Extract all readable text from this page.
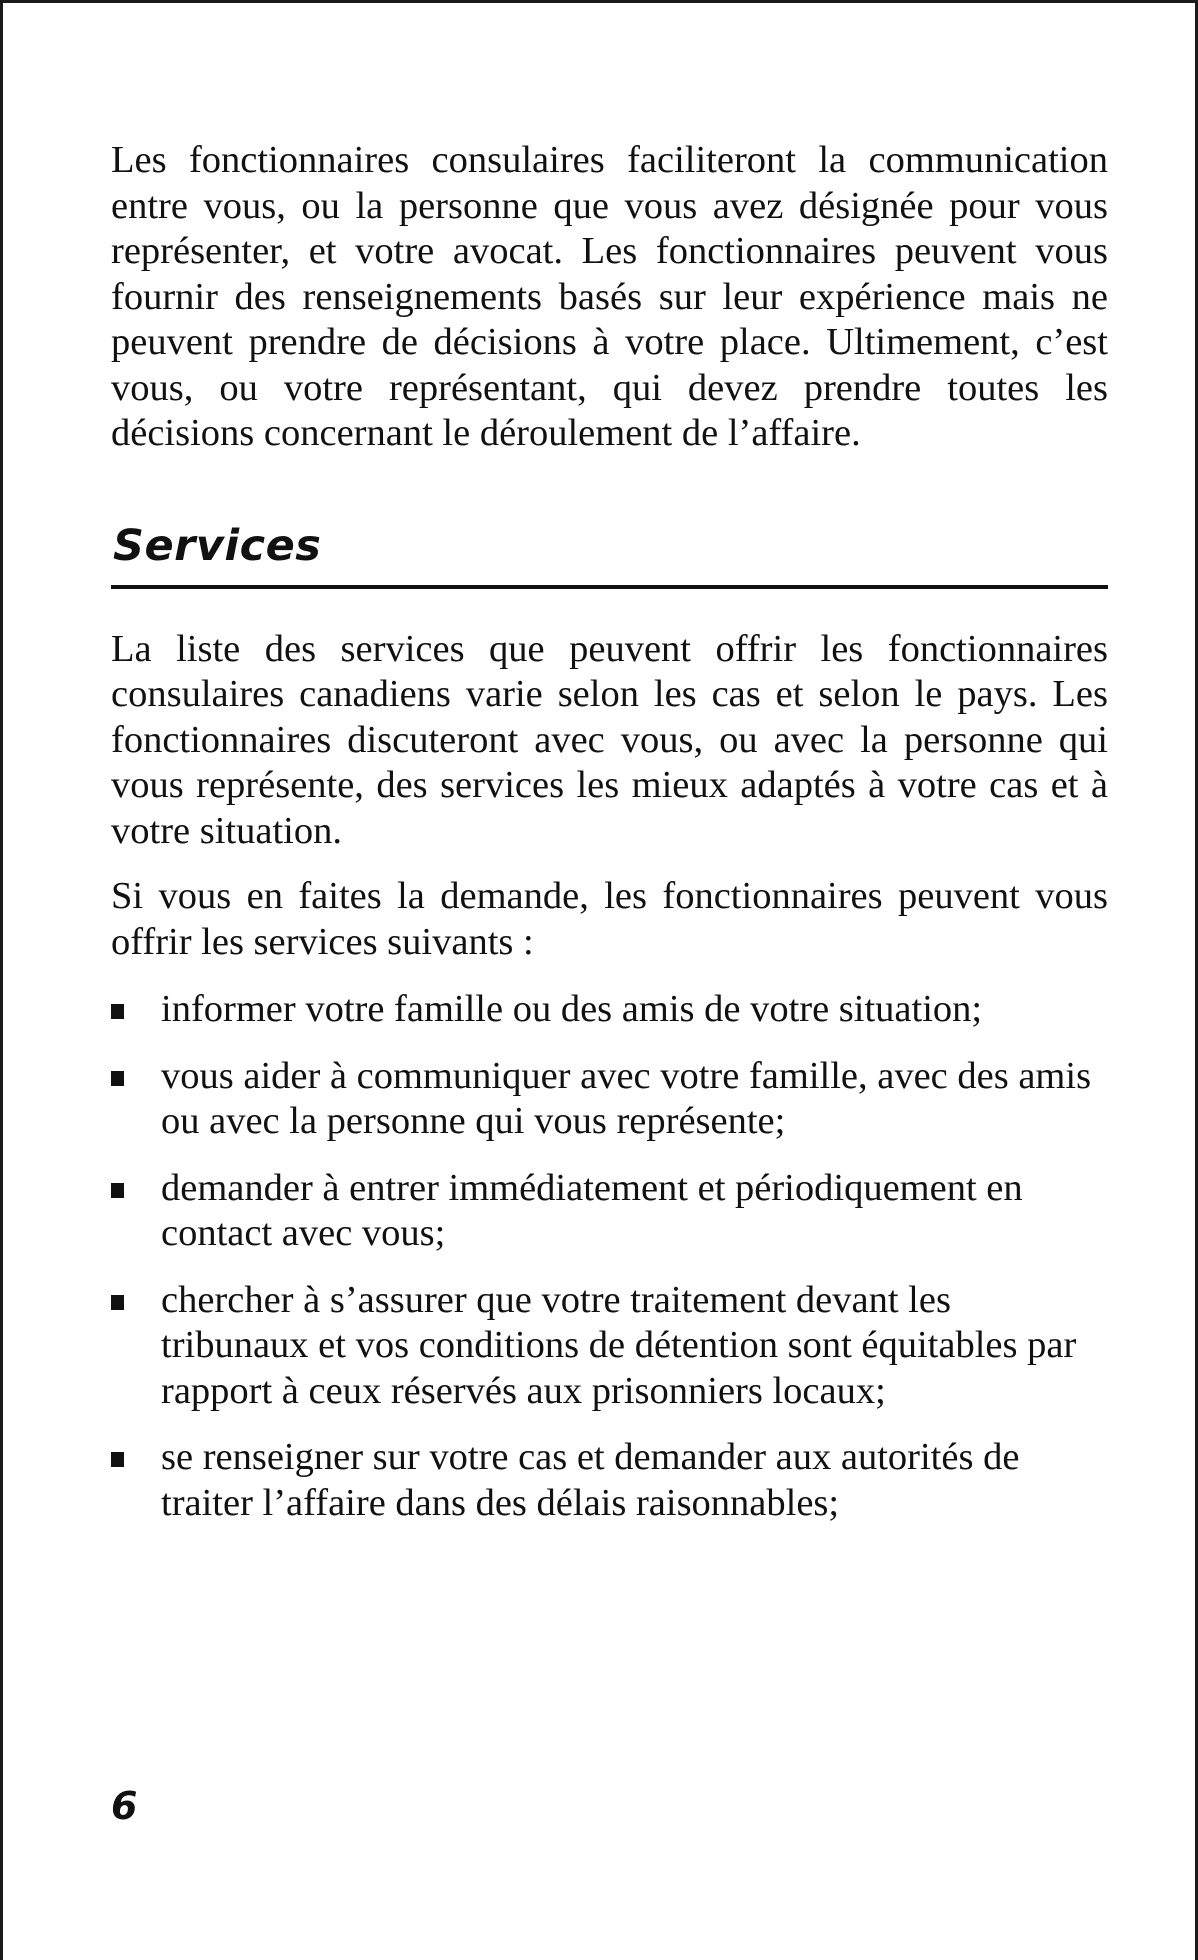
Les fonctionnaires consulaires faciliteront la communication entre vous, ou la personne que vous avez désignée pour vous représenter, et votre avocat. Les fonctionnaires peuvent vous fournir des renseignements basés sur leur expérience mais ne peuvent prendre de décisions à votre place. Ultimement, c’est vous, ou votre représentant, qui devez prendre toutes les décisions concernant le déroulement de l’affaire.

Services

La liste des services que peuvent offrir les fonctionnaires consulaires canadiens varie selon les cas et selon le pays. Les fonctionnaires discuteront avec vous, ou avec la personne qui vous représente, des services les mieux adaptés à votre cas et à votre situation.

Si vous en faites la demande, les fonctionnaires peuvent vous offrir les services suivants :

informer votre famille ou des amis de votre situation;
vous aider à communiquer avec votre famille, avec des amis ou avec la personne qui vous représente;
demander à entrer immédiatement et périodiquement en contact avec vous;
chercher à s’assurer que votre traitement devant les tribunaux et vos conditions de détention sont équitables par rapport à ceux réservés aux prisonniers locaux;
se renseigner sur votre cas et demander aux autorités de traiter l’affaire dans des délais raisonnables;
6
